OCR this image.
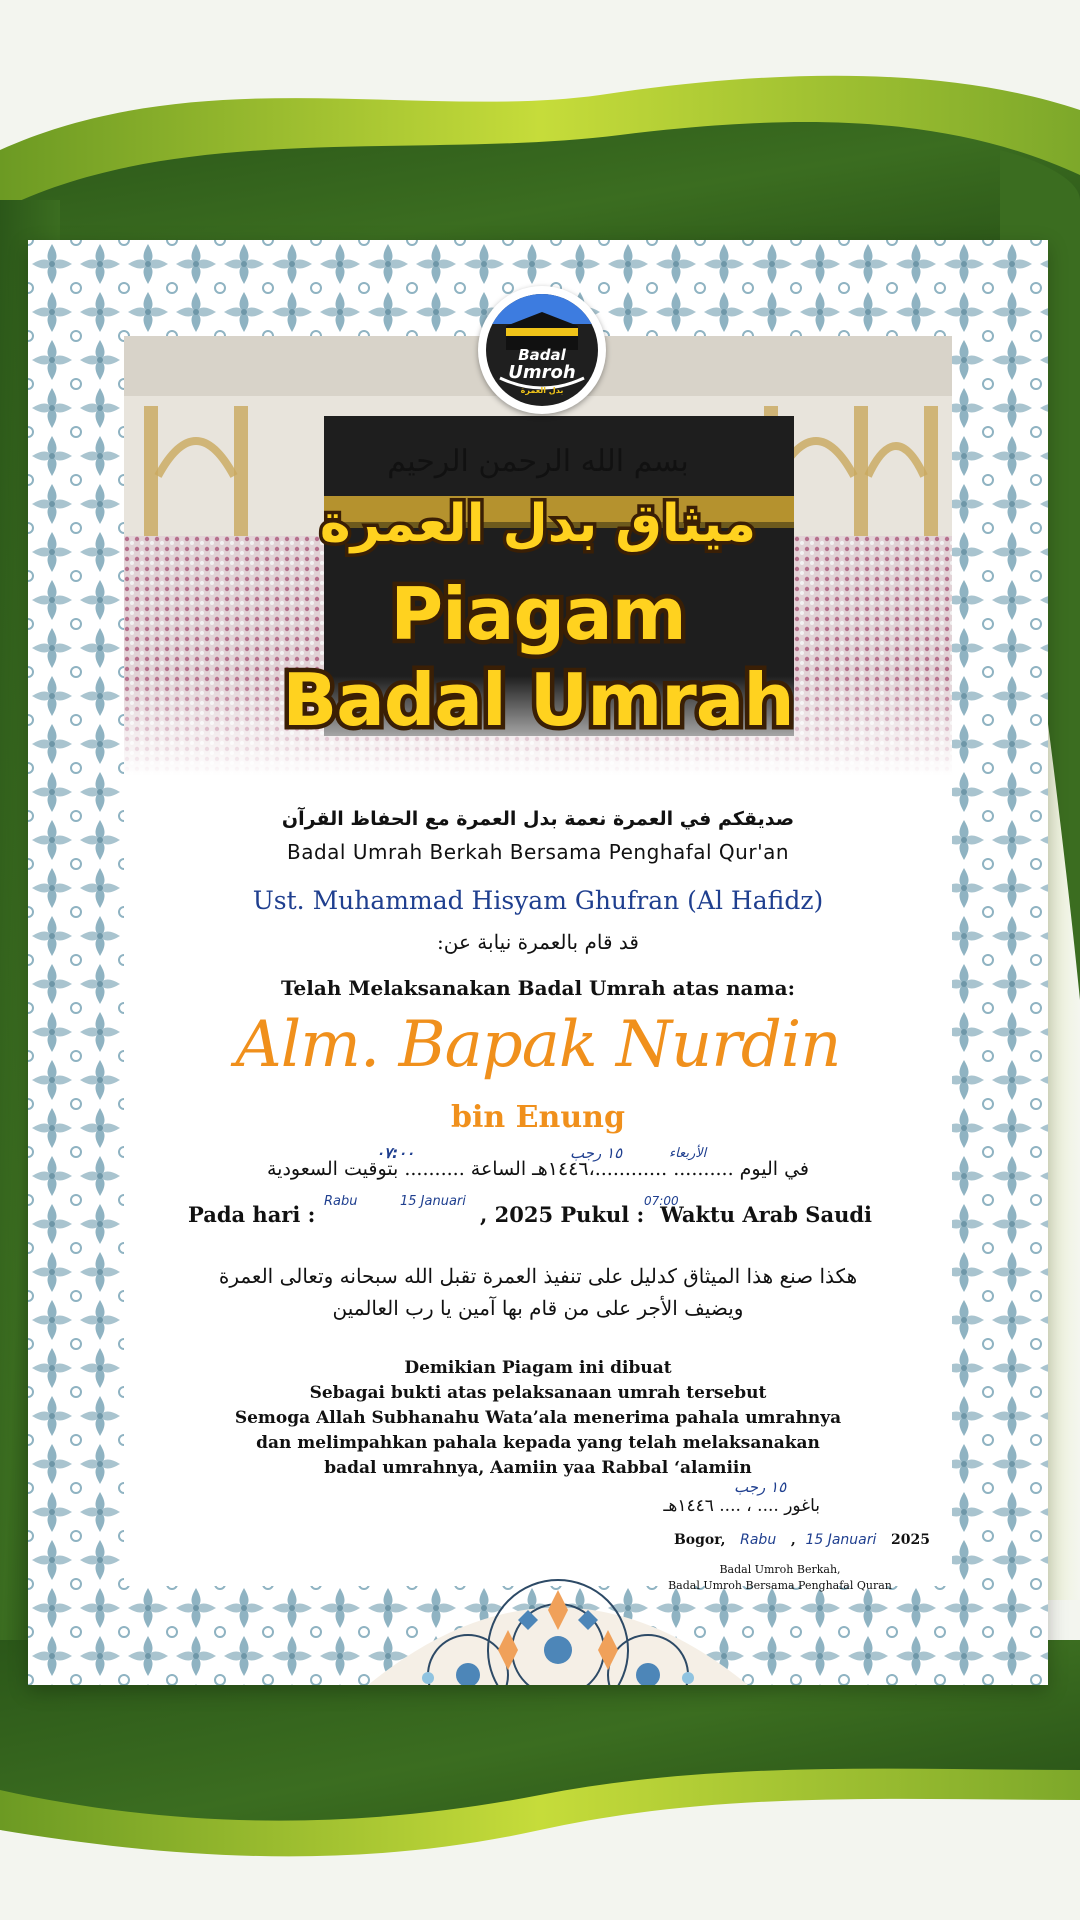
Badal
Umroh
بدل العمرة
بسم الله الرحمن الرحيم
ميثاق بدل العمرة
Piagam
Badal Umrah
صديقكم في العمرة نعمة بدل العمرة مع الحفاظ القرآن
Badal Umrah Berkah Bersama Penghafal Qur'an
Ust. Muhammad Hisyam Ghufran (Al Hafidz)
قد قام بالعمرة نيابة عن:
Telah Melaksanakan Badal Umrah atas nama:
Alm. Bapak Nurdin
bin Enung
في اليوم .......... ............،١٤٤٦هـ الساعة .......... بتوقيت السعودية
الأربعاء
١٥ رجب
٠٧:٠٠
Pada hari :
Rabu	15 Januari
, 2025 Pukul :
07:00
Waktu Arab Saudi
هكذا صنع هذا الميثاق كدليل على تنفيذ العمرة تقبل الله سبحانه وتعالى العمرة
ويضيف الأجر على من قام بها آمين يا رب العالمين
Demikian Piagam ini dibuat
Sebagai bukti atas pelaksanaan umrah tersebut
Semoga Allah Subhanahu Wata’ala menerima pahala umrahnya
dan melimpahkan pahala kepada yang telah melaksanakan
badal umrahnya, Aamiin yaa Rabbal ‘alamiin
باغور .... ، .... ١٤٤٦هـ
١٥ رجب
Bogor, Rabu   ,  15 Januari 2025
Badal Umroh Berkah,
Badal Umroh Bersama Penghafal Quran
